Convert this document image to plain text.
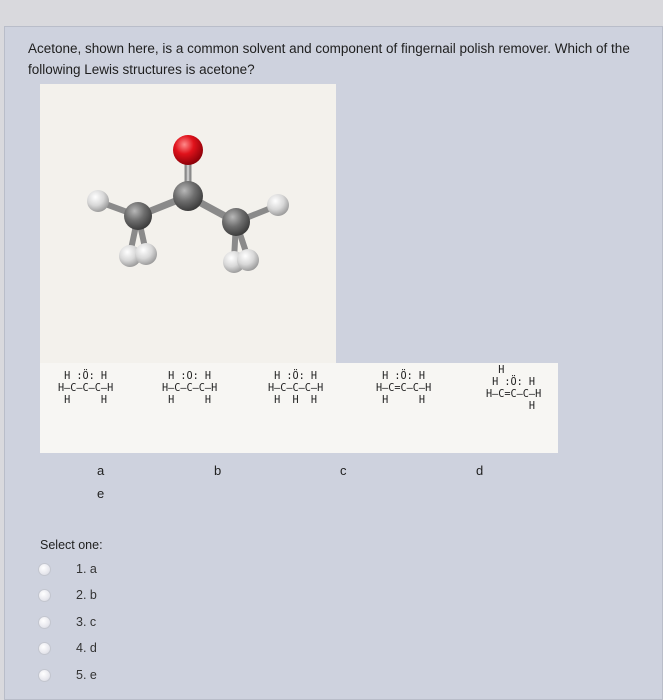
Acetone, shown here, is a common solvent and component of fingernail polish remover. Which of the following Lewis structures is acetone?
H :Ö: H
H–C–C–C–H
H     H
H :O: H
H–C–C–C–H
H     H
H :Ö: H
H–C–C–C–H
H  H  H
H :Ö: H
H–C=C–C–H
H     H
H
H :Ö: H
H–C=C–C–H
H
a	b	c	d
e
Select one:
1. a
2. b
3. c
4. d
5. e
